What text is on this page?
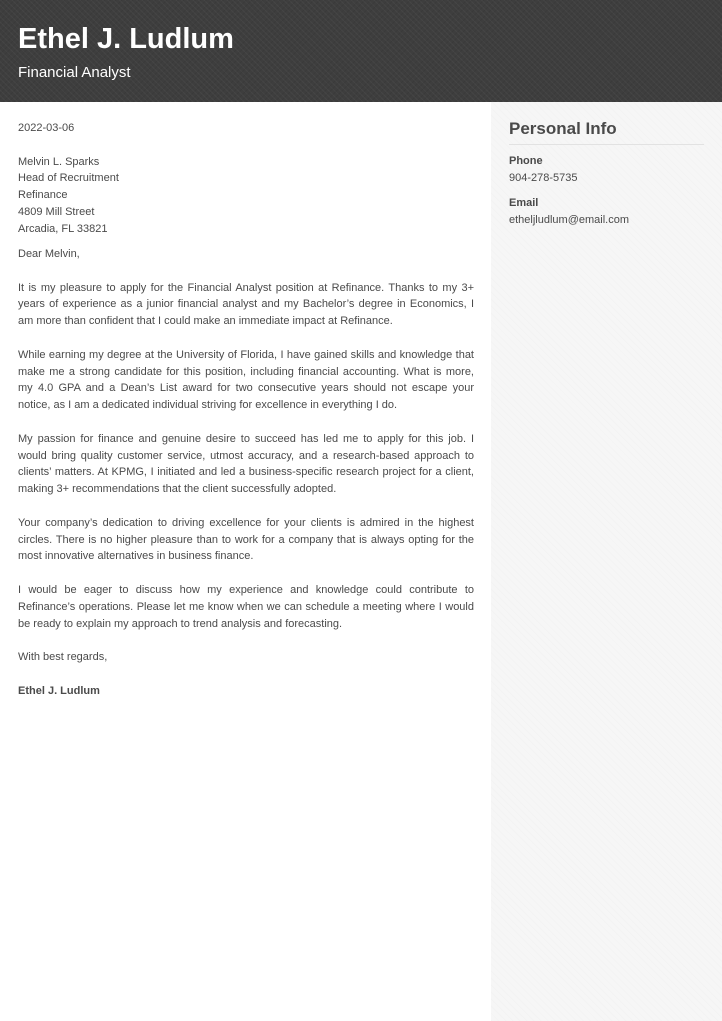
Ethel J. Ludlum
Financial Analyst
2022-03-06
Melvin L. Sparks
Head of Recruitment
Refinance
4809 Mill Street
Arcadia, FL 33821
Dear Melvin,

It is my pleasure to apply for the Financial Analyst position at Refinance. Thanks to my 3+ years of experience as a junior financial analyst and my Bachelor’s degree in Economics, I am more than confident that I could make an immediate impact at Refinance.

While earning my degree at the University of Florida, I have gained skills and knowledge that make me a strong candidate for this position, including financial accounting. What is more, my 4.0 GPA and a Dean’s List award for two consecutive years should not escape your notice, as I am a dedicated individual striving for excellence in everything I do.

My passion for finance and genuine desire to succeed has led me to apply for this job. I would bring quality customer service, utmost accuracy, and a research-based approach to clients’ matters. At KPMG, I initiated and led a business-specific research project for a client, making 3+ recommendations that the client successfully adopted.

Your company’s dedication to driving excellence for your clients is admired in the highest circles. There is no higher pleasure than to work for a company that is always opting for the most innovative alternatives in business finance.

I would be eager to discuss how my experience and knowledge could contribute to Refinance’s operations. Please let me know when we can schedule a meeting where I would be ready to explain my approach to trend analysis and forecasting.

With best regards,
Ethel J. Ludlum
Personal Info
Phone
904-278-5735
Email
etheljludlum@email.com
